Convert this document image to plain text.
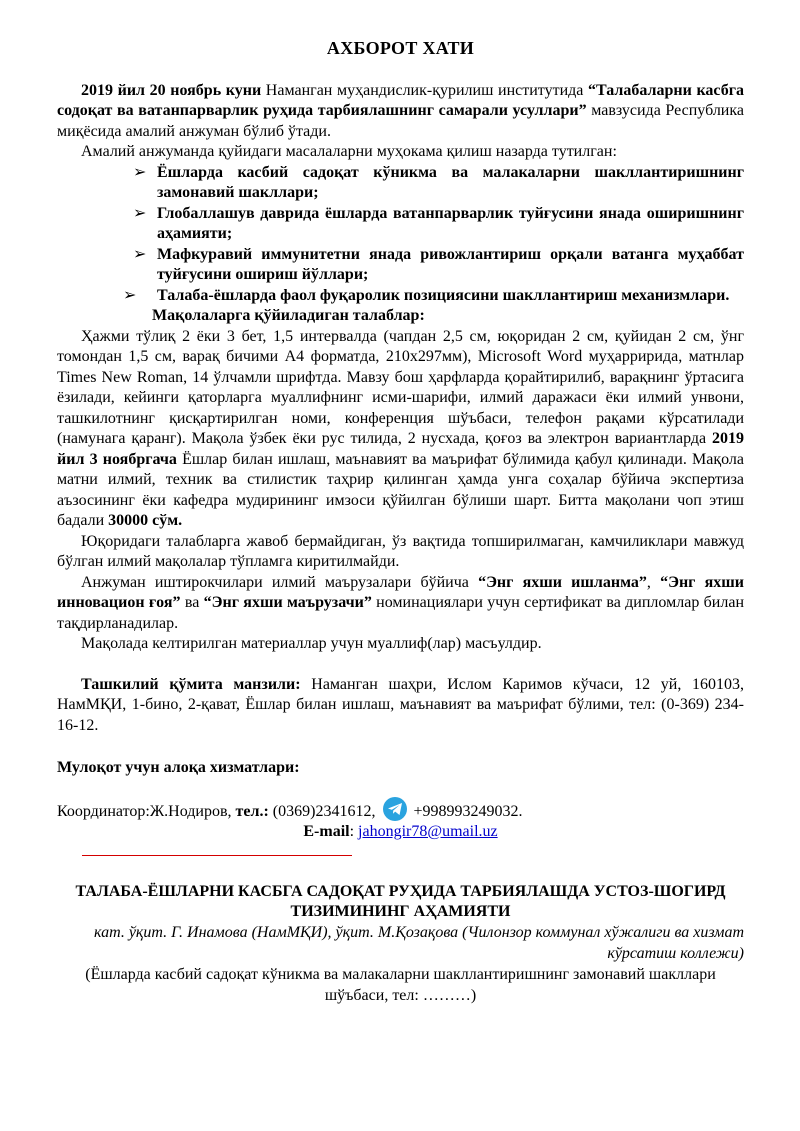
АХБОРОТ ХАТИ

2019 йил 20 ноябрь куни Наманган муҳандислик-қурилиш институтида “Талабаларни касбга содоқат ва ватанпарварлик руҳида тарбиялашнинг самарали усуллари” мавзусида Республика миқёсида амалий анжуман бўлиб ўтади.

Амалий анжуманда қуйидаги масалаларни муҳокама қилиш назарда тутилган:

➢ Ёшларда касбий садоқат кўникма ва малакаларни шакллантиришнинг замонавий шакллари;
➢ Глобаллашув даврида ёшларда ватанпарварлик туйғусини янада оширишнинг аҳамияти;
➢ Мафкуравий иммунитетни янада ривожлантириш орқали ватанга муҳаббат туйғусини ошириш йўллари;
➢ Талаба-ёшларда фаол фуқаролик позициясини шакллантириш механизмлари.
Мақолаларга қўйиладиган талаблар:

Ҳажми тўлиқ 2 ёки 3 бет, 1,5 интервалда (чапдан 2,5 см, юқоридан 2 см, қуйидан 2 см, ўнг томондан 1,5 см, варақ бичими А4 форматда, 210х297мм), Microsoft Word муҳарририда, матнлар Times New Roman, 14 ўлчамли шрифтда. Мавзу бош ҳарфларда қорайтирилиб, варақнинг ўртасига ёзилади, кейинги қаторларга муаллифнинг исми-шарифи, илмий даражаси ёки илмий унвони, ташкилотнинг қисқартирилган номи, конференция шўъбаси, телефон рақами кўрсатилади (намунага қаранг). Мақола ўзбек ёки рус тилида, 2 нусхада, қоғоз ва электрон вариантларда 2019 йил 3 ноябргача Ёшлар билан ишлаш, маънавият ва маърифат бўлимида қабул қилинади. Мақола матни илмий, техник ва стилистик таҳрир қилинган ҳамда унга соҳалар бўйича экспертиза аъзосининг ёки кафедра мудирининг имзоси қўйилган бўлиши шарт. Битта мақолани чоп этиш бадали 30000 сўм.

Юқоридаги талабларга жавоб бермайдиган, ўз вақтида топширилмаган, камчиликлари мавжуд бўлган илмий мақолалар тўпламга киритилмайди.

Анжуман иштирокчилари илмий маърузалари бўйича “Энг яхши ишланма”, “Энг яхши инновацион ғоя” ва “Энг яхши маърузачи” номинациялари учун сертификат ва дипломлар билан тақдирланадилар.

Мақолада келтирилган материаллар учун муаллиф(лар) масъулдир.

Ташкилий қўмита манзили: Наманган шаҳри, Ислом Каримов кўчаси, 12 уй, 160103, НамМҚИ, 1-бино, 2-қават, Ёшлар билан ишлаш, маънавият ва маърифат бўлими, тел: (0-369) 234-16-12.

Мулоқот учун алоқа хизматлари:

Координатор:Ж.Нодиров, тел.: (0369)2341612,
+998993249032.

E-mail: jahongir78@umail.uz

ТАЛАБА-ЁШЛАРНИ КАСБГА САДОҚАТ РУҲИДА ТАРБИЯЛАШДА УСТОЗ-ШОГИРД ТИЗИМИНИНГ АҲАМИЯТИ
кат. ўқит. Г. Инамова (НамМҚИ), ўқит. М.Қозақова (Чилонзор коммунал хўжалиги ва хизмат кўрсатиш коллежи)
(Ёшларда касбий садоқат кўникма ва малакаларни шакллантиришнинг замонавий шакллари шўъбаси, тел: ………)
